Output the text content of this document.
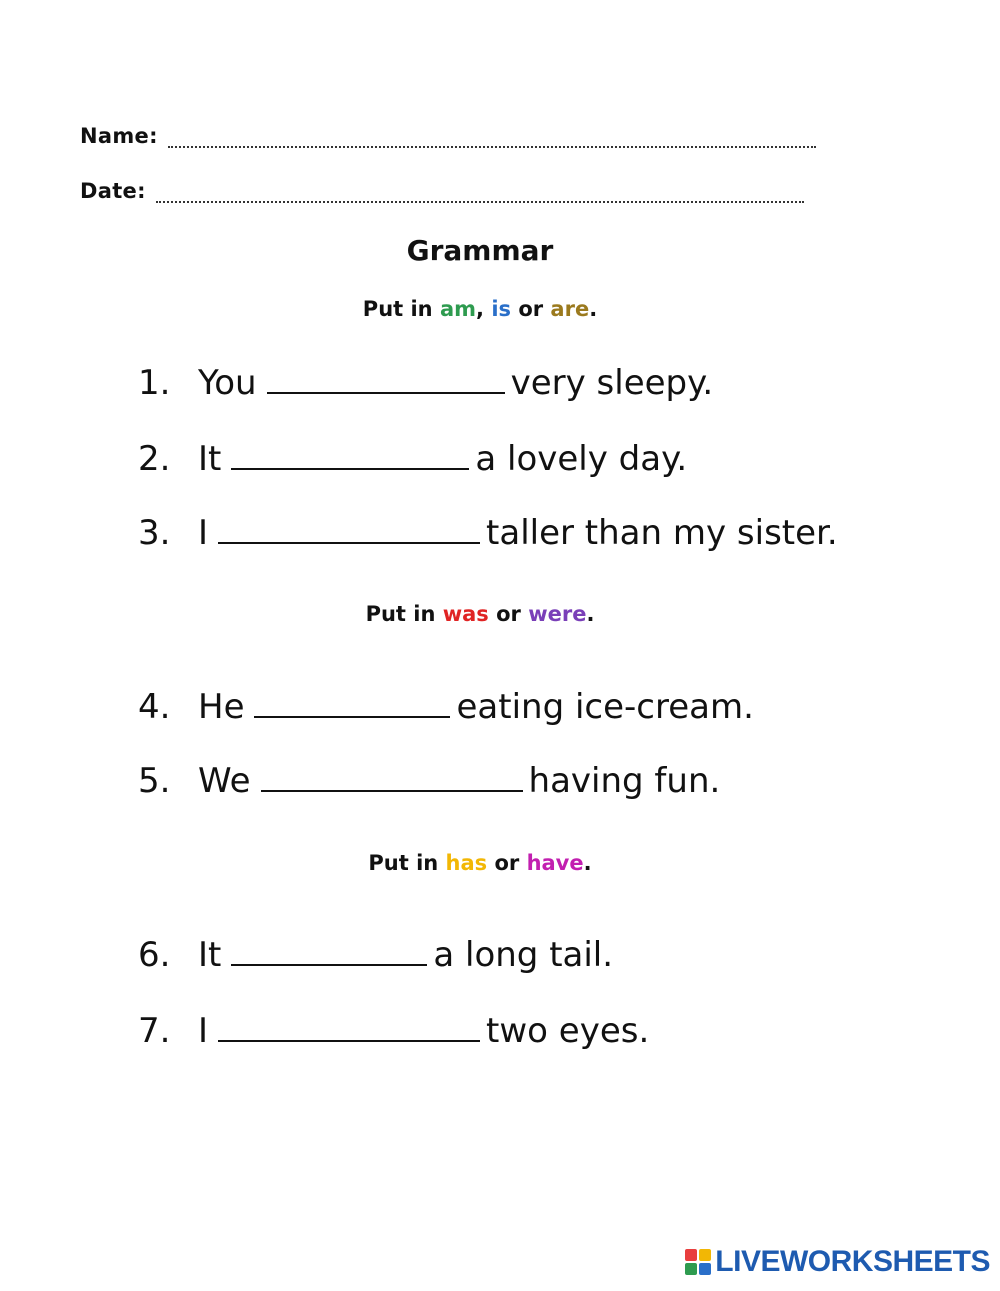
Name:
Date:
Grammar
Put in am, is or are.
1. You	very sleepy.
2. It	a lovely day.
3. I	taller than my sister.
Put in was or were.
4. He	eating ice-cream.
5. We	having fun.
Put in has or have.
6. It	a long tail.
7. I	two eyes.
LIVEWORKSHEETS
